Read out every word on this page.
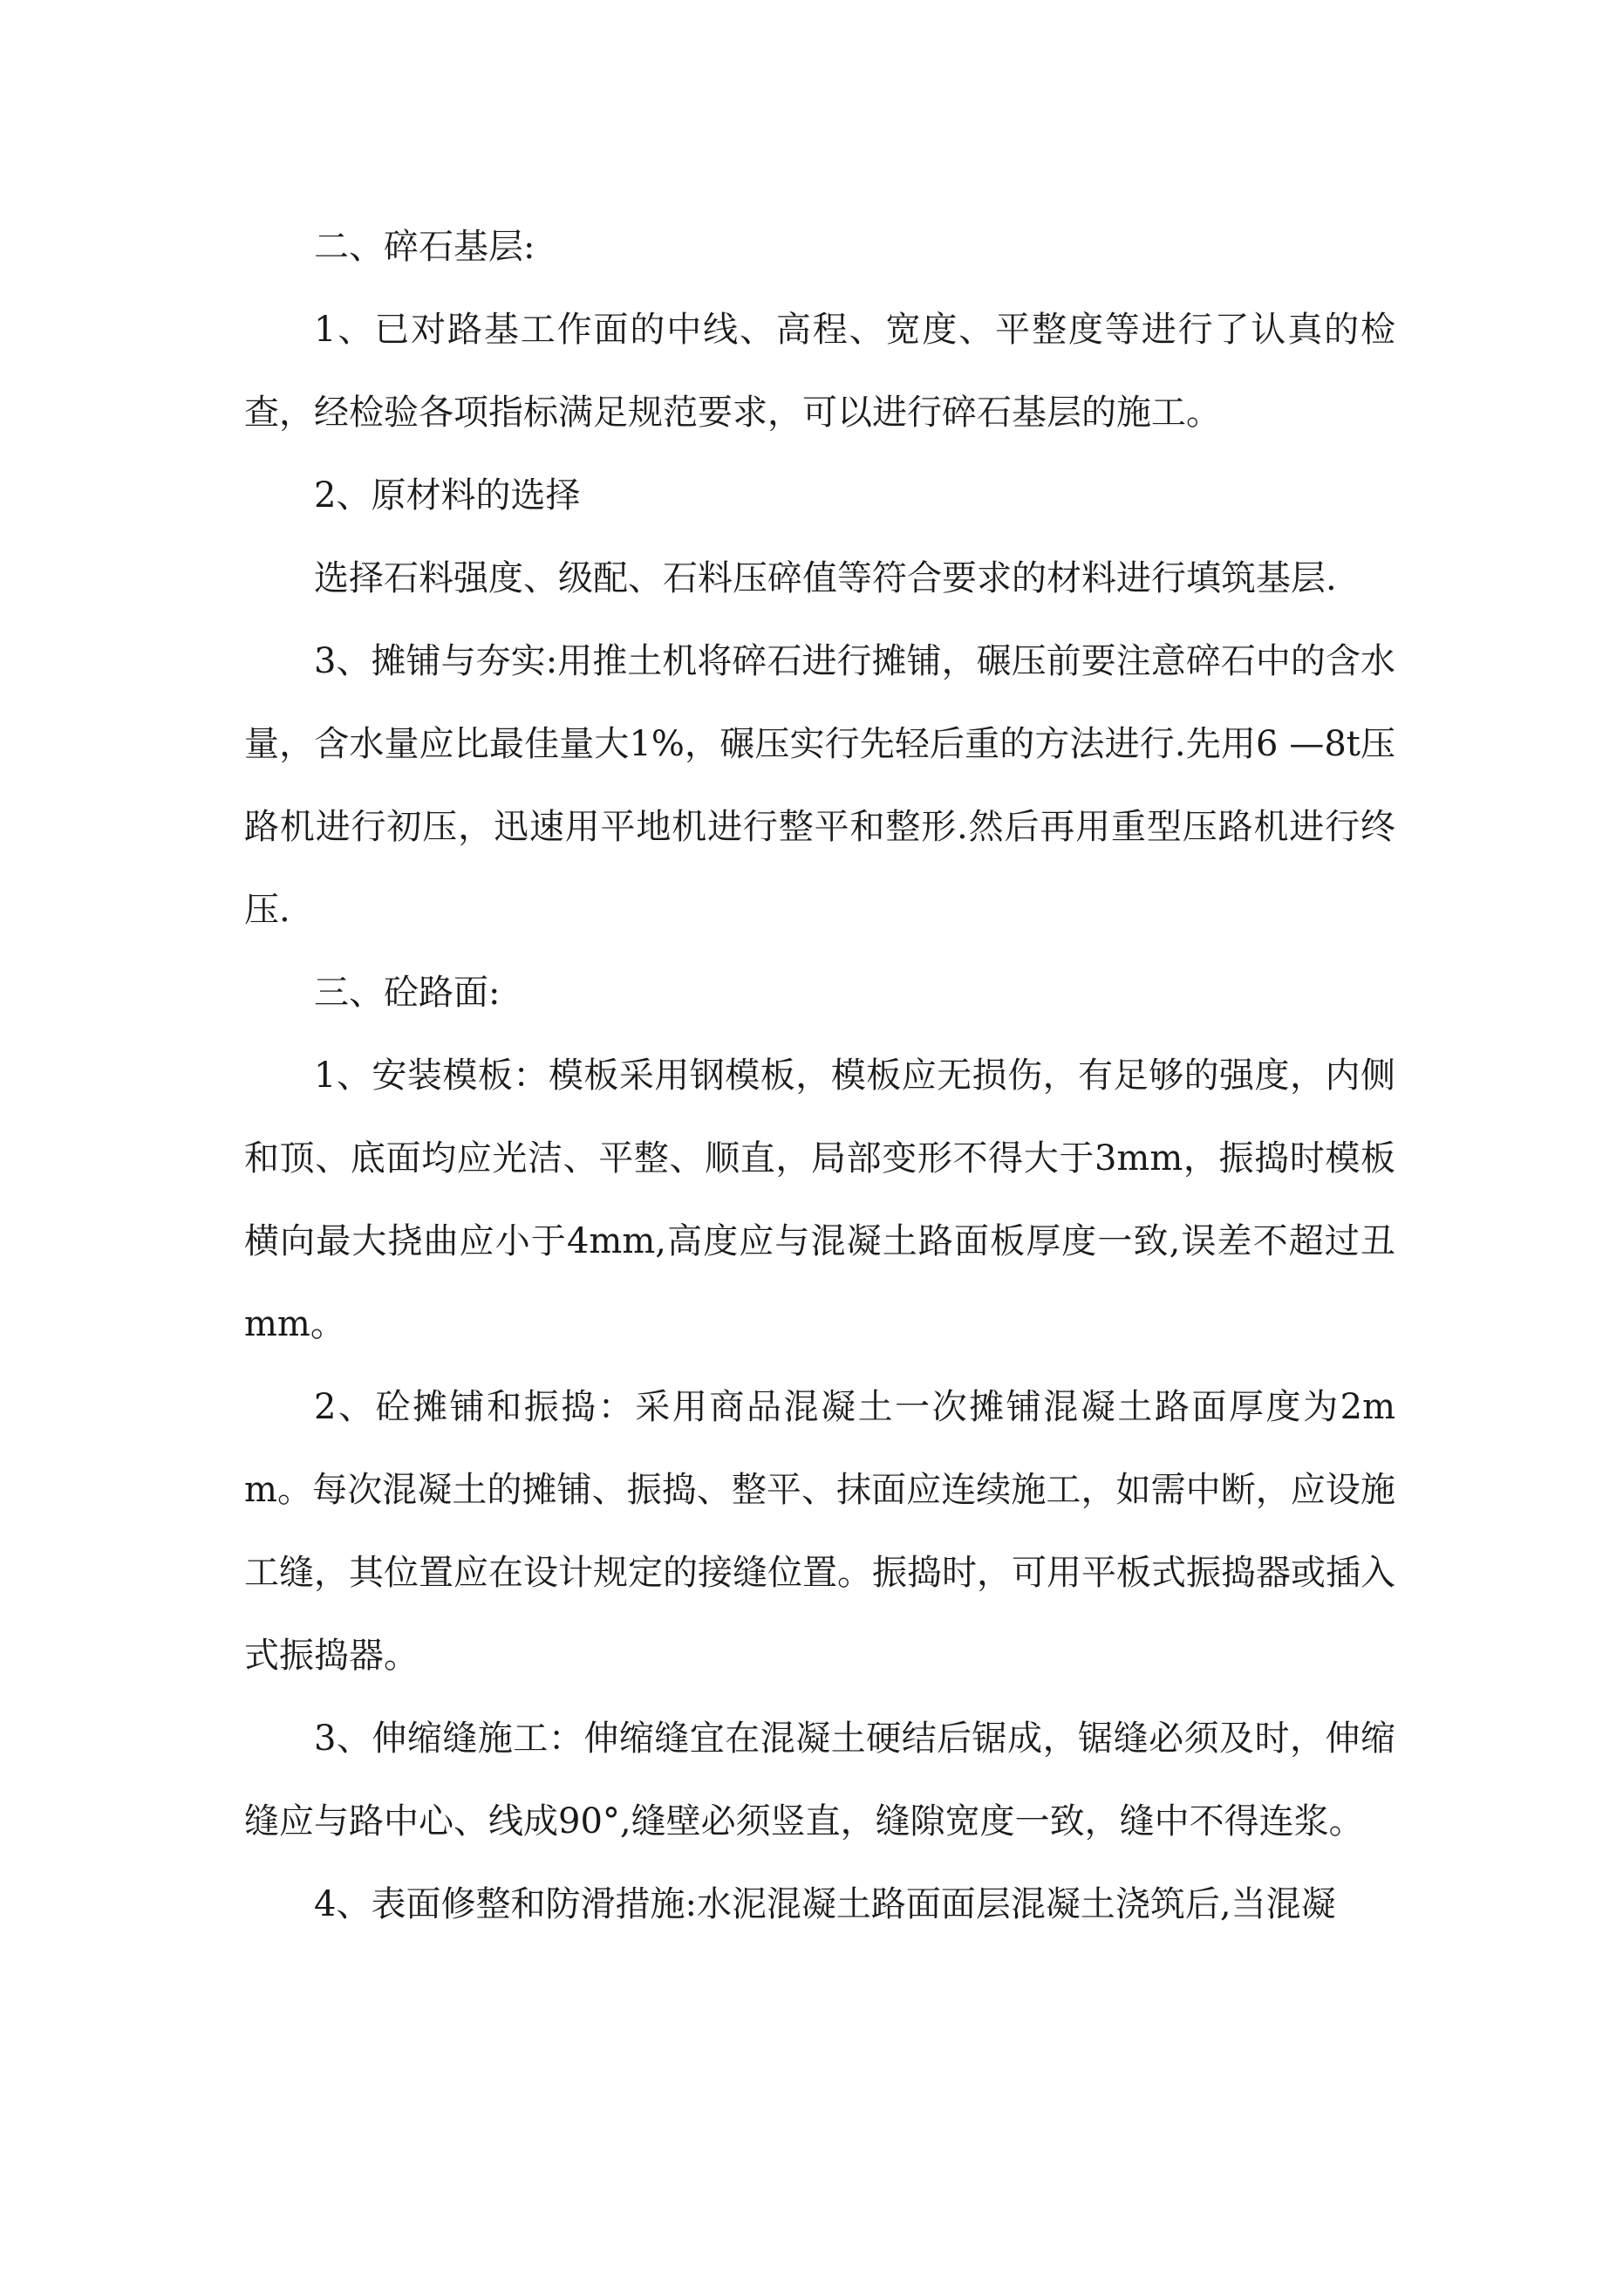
二、碎石基层:

1、已对路基工作面的中线、高程、宽度、平整度等进行了认真的检查，经检验各项指标满足规范要求，可以进行碎石基层的施工。

2、原材料的选择

选择石料强度、级配、石料压碎值等符合要求的材料进行填筑基层.

3、摊铺与夯实:用推土机将碎石进行摊铺，碾压前要注意碎石中的含水量，含水量应比最佳量大1%，碾压实行先轻后重的方法进行.先用6 —8t压路机进行初压，迅速用平地机进行整平和整形.然后再用重型压路机进行终压.

三、砼路面:

1、安装模板：模板采用钢模板，模板应无损伤，有足够的强度，内侧和顶、底面均应光洁、平整、顺直，局部变形不得大于3mm，振捣时模板横向最大挠曲应小于4mm,高度应与混凝土路面板厚度一致,误差不超过丑mm。

2、砼摊铺和振捣：采用商品混凝土一次摊铺混凝土路面厚度为2mm。每次混凝土的摊铺、振捣、整平、抹面应连续施工，如需中断，应设施工缝，其位置应在设计规定的接缝位置。振捣时，可用平板式振捣器或插入式振捣器。

3、伸缩缝施工：伸缩缝宜在混凝土硬结后锯成，锯缝必须及时，伸缩缝应与路中心、线成90°,缝壁必须竖直，缝隙宽度一致，缝中不得连浆。

4、表面修整和防滑措施:水泥混凝土路面面层混凝土浇筑后,当混凝
